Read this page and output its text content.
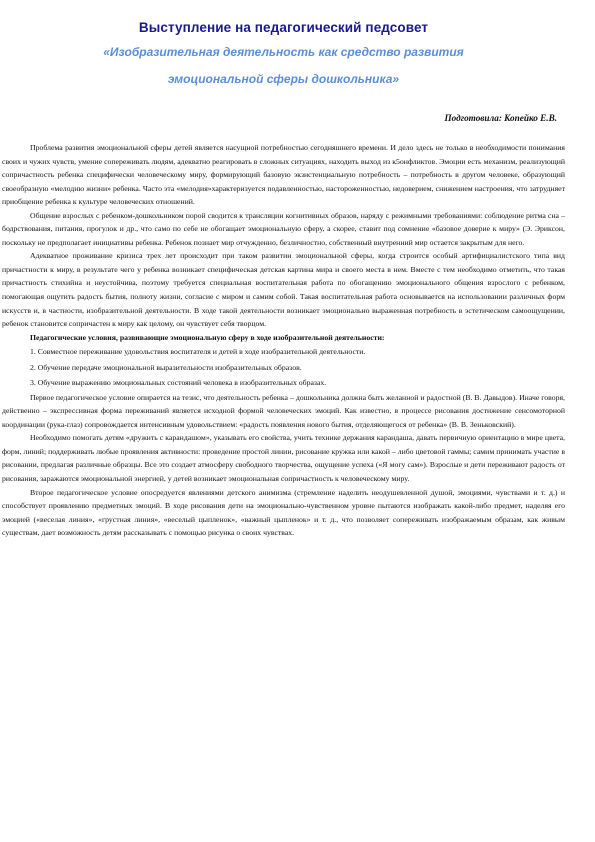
Выступление на педагогический педсовет
«Изобразительная деятельность как средство развития
эмоциональной сферы дошкольника»
Подготовила: Копейко Е.В.

Проблема развития эмоциональной сферы детей является насущной потребностью сегодняшнего времени. И дело здесь не только в необходимости понимания своих и чужих чувств, умение сопереживать людям, адекватно реагировать в сложных ситуациях, находить выход из к5онфликтов. Эмоции есть механизм, реализующий сопричастность ребенка специфически человеческому миру, формирующий базовую экзистенциальную потребность – потребность в другом человеке, образующий своеобразную «мелодию жизни» ребенка. Часто эта «мелодия»характеризуется подавленностью, настороженностью, недоверием, снижением настроения, что затрудняет приобщение ребенка к культуре человеческих отношений.

Общение взрослых с ребенком-дошкольником порой сводится к трансляции когнитивных образов, наряду с режимными требованиями: соблюдение ритма сна – бодрствования, питания, прогулок и др., что само по себе не обогащает эмоциональную сферу, а скорее, ставит под сомнение «базовое доверие к миру» (Э. Эриксон, поскольку не предполагает инициативы ребенка. Ребенок познает мир отчужденно, безличностно, собственный внутренний мир остается закрытым для него.

Адекватное проживание кризиса трех лет происходит при таком развитии эмоциональной сферы, когда строится особый артифициалистского типа вид причастности к миру, в результате чего у ребенка возникает специфическая детская картина мира и своего места в нем. Вместе с тем необходимо отметить, что такая причастность стихийна и неустойчива, поэтому требуется специальная воспитательная работа по обогащению эмоционального общения взрослого с ребенком, помогающая ощутить радость бытия, полноту жизни, согласие с миром и самим собой. Такая воспитательная работа основывается на использовании различных форм искусств и, в частности, изобразительной деятельности. В ходе такой деятельности возникает эмоционально выраженная потребность в эстетическом самоощущении, ребенок становится сопричастен к миру как целому, он чувствует себя творцом.

Педагогические условия, развивающие эмоциональную сферу в ходе изобразительной деятельности:

1. Совместное переживание удовольствия воспитателя и детей в ходе изобразительной деятельности.
2. Обучение передаче эмоциональной выразительности изобразительных образов.
3. Обучение выражению эмоциональных состояний человека в изобразительных образах.

Первое педагогическое условие опирается на тезис, что деятельность ребенка – дошкольника должна быть желанной и радостной (В. В. Давыдов). Иначе говоря, действенно – экспрессивная форма переживаний является исходной формой человеческих эмоций. Как известно, в процессе рисования достижение сенсомоторной координации (рука-глаз) сопровождается интенсивным удовольствием: «радость появления нового бытия, отделяющегося от ребенка» (В. В. Зеньковский).

Необходимо помогать детям «дружить с карандашом», указывать его свойства, учить технике держания карандаша, давать первичную ориентацию в мире цвета, форм, линий; поддерживать любые проявления активности: проведение простой линии, рисование кружка или какой – либо цветовой гаммы; самим принимать участие в рисовании, предлагая различные образцы. Все это создает атмосферу свободного творчества, ощущение успеха («Я могу сам»). Взрослые и дети переживают радость от рисования, заражаются эмоциональной энергией, у детей возникает эмоциональная сопричастность к человеческому миру.

Второе педагогическое условие опосредуется явлениями детского анимизма (стремление наделить неодушевленной душой, эмоциями, чувствами и т. д.) и способствует проявлению предметных эмоций. В ходе рисования дети на эмоционально-чувственном уровне пытаются изображать какой-либо предмет, наделяя его эмоцией («веселая линия», «грустная линия», «веселый цыпленок», «важный цыпленок» и т. д., что позволяет сопереживать изображаемым образам, как живым существам, дает возможность детям рассказывать с помощью рисунка о своих чувствах.
